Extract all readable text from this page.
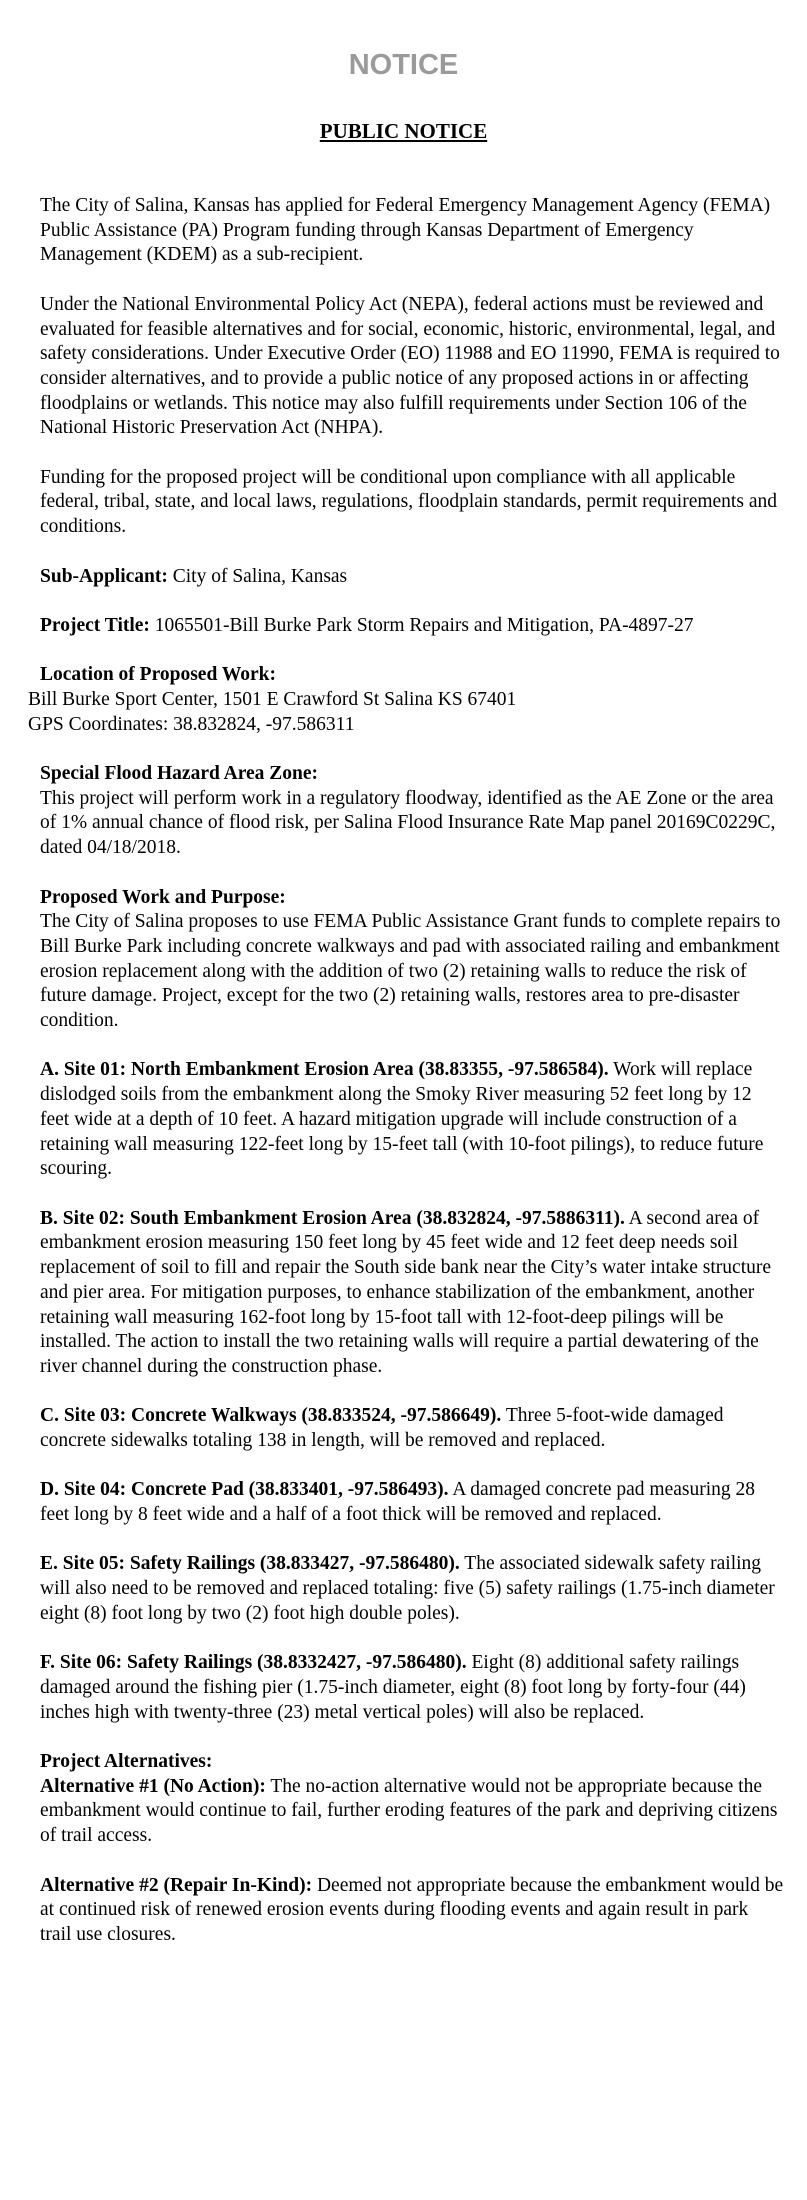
NOTICE
PUBLIC NOTICE

The City of Salina, Kansas has applied for Federal Emergency Management Agency (FEMA) Public Assistance (PA) Program funding through Kansas Department of Emergency Management (KDEM) as a sub-recipient.

Under the National Environmental Policy Act (NEPA), federal actions must be reviewed and evaluated for feasible alternatives and for social, economic, historic, environmental, legal, and safety considerations. Under Executive Order (EO) 11988 and EO 11990, FEMA is required to consider alternatives, and to provide a public notice of any proposed actions in or affecting floodplains or wetlands. This notice may also fulfill requirements under Section 106 of the National Historic Preservation Act (NHPA).

Funding for the proposed project will be conditional upon compliance with all applicable federal, tribal, state, and local laws, regulations, floodplain standards, permit requirements and conditions.

Sub-Applicant: City of Salina, Kansas

Project Title: 1065501-Bill Burke Park Storm Repairs and Mitigation, PA-4897-27

Location of Proposed Work:
Bill Burke Sport Center, 1501 E Crawford St Salina KS 67401
GPS Coordinates: 38.832824, -97.586311

Special Flood Hazard Area Zone:
This project will perform work in a regulatory floodway, identified as the AE Zone or the area of 1% annual chance of flood risk, per Salina Flood Insurance Rate Map panel 20169C0229C, dated 04/18/2018.

Proposed Work and Purpose:
The City of Salina proposes to use FEMA Public Assistance Grant funds to complete repairs to Bill Burke Park including concrete walkways and pad with associated railing and embankment erosion replacement along with the addition of two (2) retaining walls to reduce the risk of future damage. Project, except for the two (2) retaining walls, restores area to pre-disaster condition.

A. Site 01: North Embankment Erosion Area (38.83355, -97.586584). Work will replace dislodged soils from the embankment along the Smoky River measuring 52 feet long by 12 feet wide at a depth of 10 feet. A hazard mitigation upgrade will include construction of a retaining wall measuring 122-feet long by 15-feet tall (with 10-foot pilings), to reduce future scouring.

B. Site 02: South Embankment Erosion Area (38.832824, -97.5886311). A second area of embankment erosion measuring 150 feet long by 45 feet wide and 12 feet deep needs soil replacement of soil to fill and repair the South side bank near the City’s water intake structure and pier area. For mitigation purposes, to enhance stabilization of the embankment, another retaining wall measuring 162-foot long by 15-foot tall with 12-foot-deep pilings will be installed. The action to install the two retaining walls will require a partial dewatering of the river channel during the construction phase.

C. Site 03: Concrete Walkways (38.833524, -97.586649). Three 5-foot-wide damaged concrete sidewalks totaling 138 in length, will be removed and replaced.

D. Site 04: Concrete Pad (38.833401, -97.586493). A damaged concrete pad measuring 28 feet long by 8 feet wide and a half of a foot thick will be removed and replaced.

E. Site 05: Safety Railings (38.833427, -97.586480). The associated sidewalk safety railing will also need to be removed and replaced totaling: five (5) safety railings (1.75-inch diameter eight (8) foot long by two (2) foot high double poles).

F. Site 06: Safety Railings (38.8332427, -97.586480). Eight (8) additional safety railings damaged around the fishing pier (1.75-inch diameter, eight (8) foot long by forty-four (44) inches high with twenty-three (23) metal vertical poles) will also be replaced.

Project Alternatives:
Alternative #1 (No Action): The no-action alternative would not be appropriate because the embankment would continue to fail, further eroding features of the park and depriving citizens of trail access.

Alternative #2 (Repair In-Kind): Deemed not appropriate because the embankment would be at continued risk of renewed erosion events during flooding events and again result in park trail use closures.
